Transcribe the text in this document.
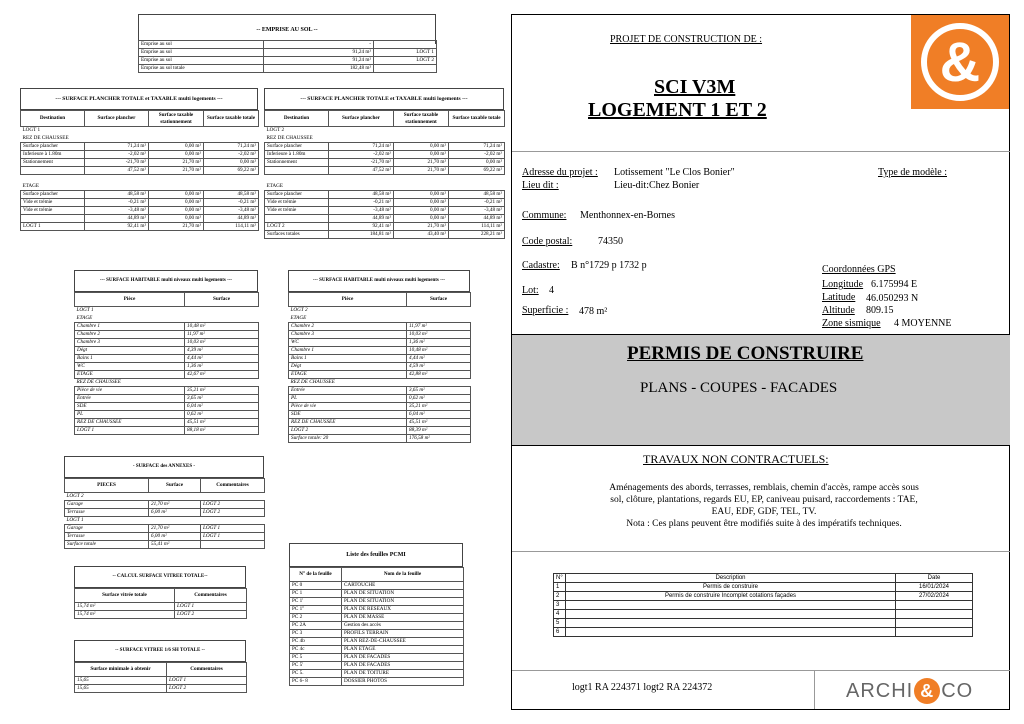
-- EMPRISE AU SOL --
Emprise au sol	-	
Emprise au sol	91,24 m²	LOGT 1
Emprise au sol	91,24 m²	LOGT 2
Emprise au sol totale	182,48 m²	
--- SURFACE PLANCHER TOTALE et TAXABLE multi logements ---
Destination	Surface plancher	Surface taxable stationnement	Surface taxable totale
LOGT 1			
REZ DE CHAUSSEE			
Surface plancher	71,24 m²	0,00 m²	71,24 m²
Inferieure à 1.80m	-2,02 m²	0,00 m²	-2,02 m²
Stationnement	-21,70 m²	21,70 m²	0,00 m²
	47,52 m²	21,70 m²	69,22 m²

ETAGE			
Surface plancher	48,58 m²	0,00 m²	48,58 m²
Vide et trémie	-0,21 m²	0,00 m²	-0,21 m²
Vide et trémie	-3,48 m²	0,00 m²	-3,48 m²
	44,89 m²	0,00 m²	44,89 m²
LOGT 1	92,41 m²	21,70 m²	114,11 m²
--- SURFACE PLANCHER TOTALE et TAXABLE multi logements ---
Destination	Surface plancher	Surface taxable stationnement	Surface taxable totale
LOGT 2			
REZ DE CHAUSSEE			
Surface plancher	71,24 m²	0,00 m²	71,24 m²
Inferieure à 1.80m	-2,02 m²	0,00 m²	-2,02 m²
Stationnement	-21,70 m²	21,70 m²	0,00 m²
	47,52 m²	21,70 m²	69,22 m²

ETAGE			
Surface plancher	48,58 m²	0,00 m²	48,58 m²
Vide et trémie	-0,21 m²	0,00 m²	-0,21 m²
Vide et trémie	-3,48 m²	0,00 m²	-3,48 m²
	44,89 m²	0,00 m²	44,89 m²
LOGT 2	92,41 m²	21,70 m²	114,11 m²
Surfaces totales	184,81 m²	43,40 m²	228,21 m²
--- SURFACE HABITABLE multi niveaux multi logements ---
Pièce	Surface
LOGT 1	
ETAGE	
Chambre 1	10,48 m²
Chambre 2	11,97 m²
Chambre 3	10,03 m²
Dégt	4,39 m²
Bains 1	4,44 m²
WC	1,36 m²
ETAGE	42,67 m²
REZ DE CHAUSSEE	
Pièce de vie	35,21 m²
Entrée	3,65 m²
SDE	6,04 m²
PL	0,62 m²
REZ DE CHAUSSEE	45,51 m²
LOGT 1	88,18 m²
--- SURFACE HABITABLE multi niveaux multi logements ---
Pièce	Surface
LOGT 2	
ETAGE	
Chambre 2	11,97 m²
Chambre 3	10,03 m²
WC	1,36 m²
Chambre 1	10,48 m²
Bains 1	4,44 m²
Dégt	4,59 m²
ETAGE	42,88 m²
REZ DE CHAUSSEE	
Entrée	3,65 m²
PL	0,62 m²
Pièce de vie	35,21 m²
SDE	6,04 m²
REZ DE CHAUSSEE	45,51 m²
LOGT 2	88,39 m²
Surface totale: 20	176,58 m²
- SURFACE des ANNEXES -
PIECES	Surface	Commentaires
LOGT 2		
Garage	21,70 m²	LOGT 2
Terrasse	6,00 m²	LOGT 2
LOGT 1		
Garage	21,70 m²	LOGT 1
Terrasse	6,00 m²	LOGT 1
Surface totale	55,41 m²	
-- CALCUL SURFACE VITREE TOTALE--
Surface vitrée totale	Commentaires
15,74 m²	LOGT 1
15,74 m²	LOGT 2
-- SURFACE VITREE 1/6 SH TOTALE --
Surface minimale à obtenir	Commentaires
15,65	LOGT 1
15,65	LOGT 2
Liste des feuilles PCMI
N° de la feuille	Nom de la feuille
PC 0	CARTOUCHE
PC 1	PLAN DE SITUATION
PC 1'	PLAN DE SITUATION
PC 1"	PLAN DE RESEAUX
PC 2	PLAN DE MASSE
PC 2A	Gestion des accès
PC 3	PROFILS TERRAIN
PC 4b	PLAN REZ-DE-CHAUSSEE
PC 4c	PLAN ETAGE
PC 5	PLAN DE FACADES
PC 5'	PLAN DE FACADES
PC 5.	PLAN DE TOITURE
PC 6- 8	DOSSIER PHOTOS
PROJET DE CONSTRUCTION DE :
SCI V3M
LOGEMENT 1 ET 2
&
Adresse du projet : Lotissement "Le Clos Bonier"
Lieu dit :	Lieu-dit:Chez Bonier
Type de modèle :
Commune: Menthonnex-en-Bornes
Code postal:	74350
Cadastre: B n°1729 p 1732 p
Lot: 4
Superficie : 478 m²
Coordonnées GPS
Longitude 6.175994 E
Latitude 46.050293 N
Altitude 809.15
Zone sismique 4 MOYENNE
PERMIS DE CONSTRUIRE
PLANS - COUPES - FACADES
TRAVAUX NON CONTRACTUELS:
Aménagements des abords, terrasses, remblais, chemin d'accès, rampe accès sous sol, clôture, plantations, regards EU, EP, caniveau puisard, raccordements : TAE, EAU, EDF, GDF, TEL, TV.
Nota : Ces plans peuvent être modifiés suite à des impératifs techniques.
N°	Description	Date
1	Permis de construire	16/01/2024
2	Permis de construire Incomplet cotations façades	27/02/2024
3		
4		
5		
6		
logt1 RA 224371 logt2 RA 224372	ARCHI & CO
